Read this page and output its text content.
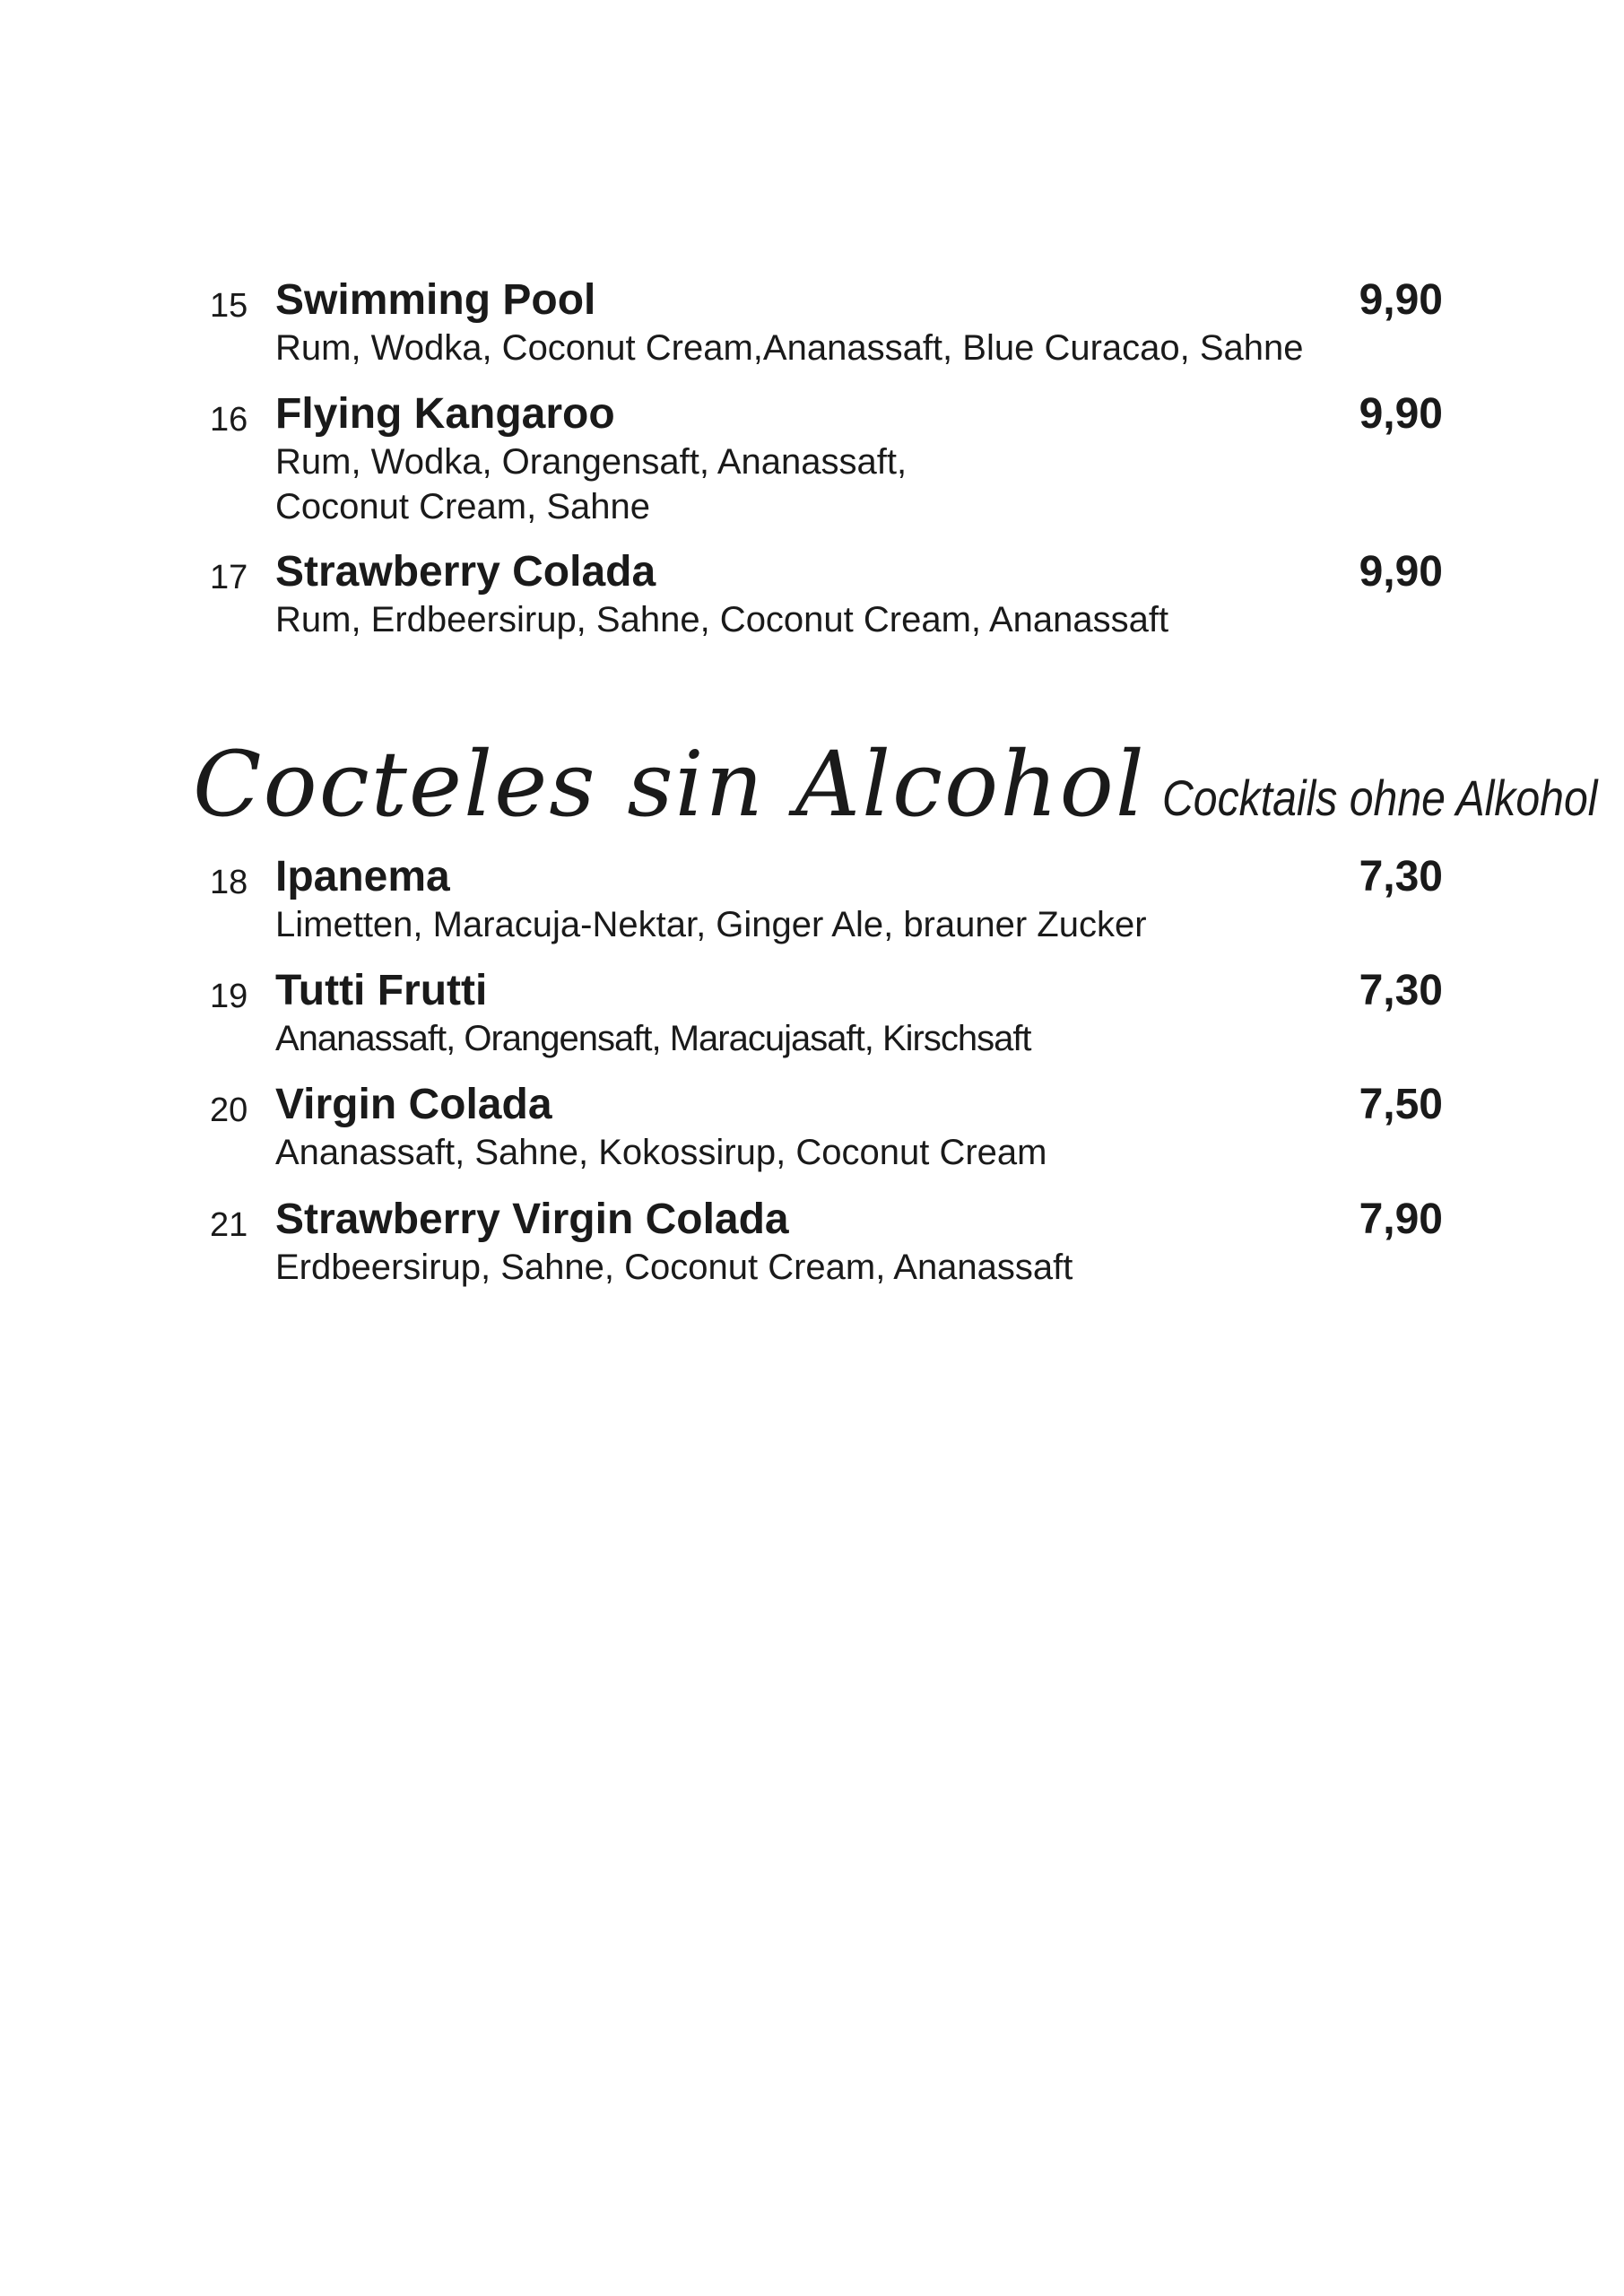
15 Swimming Pool	9,90
Rum, Wodka, Coconut Cream,Ananassaft, Blue Curacao, Sahne
16 Flying Kangaroo	9,90
Rum, Wodka, Orangensaft, Ananassaft,
Coconut Cream, Sahne
17 Strawberry Colada	9,90
Rum, Erdbeersirup, Sahne, Coconut Cream, Ananassaft
Cocteles sin Alcohol Cocktails ohne Alkohol
18 Ipanema	7,30
Limetten, Maracuja-Nektar, Ginger Ale, brauner Zucker
19 Tutti Frutti	7,30
Ananassaft, Orangensaft, Maracujasaft, Kirschsaft
20 Virgin Colada	7,50
Ananassaft, Sahne, Kokossirup, Coconut Cream
21 Strawberry Virgin Colada	7,90
Erdbeersirup, Sahne, Coconut Cream, Ananassaft
